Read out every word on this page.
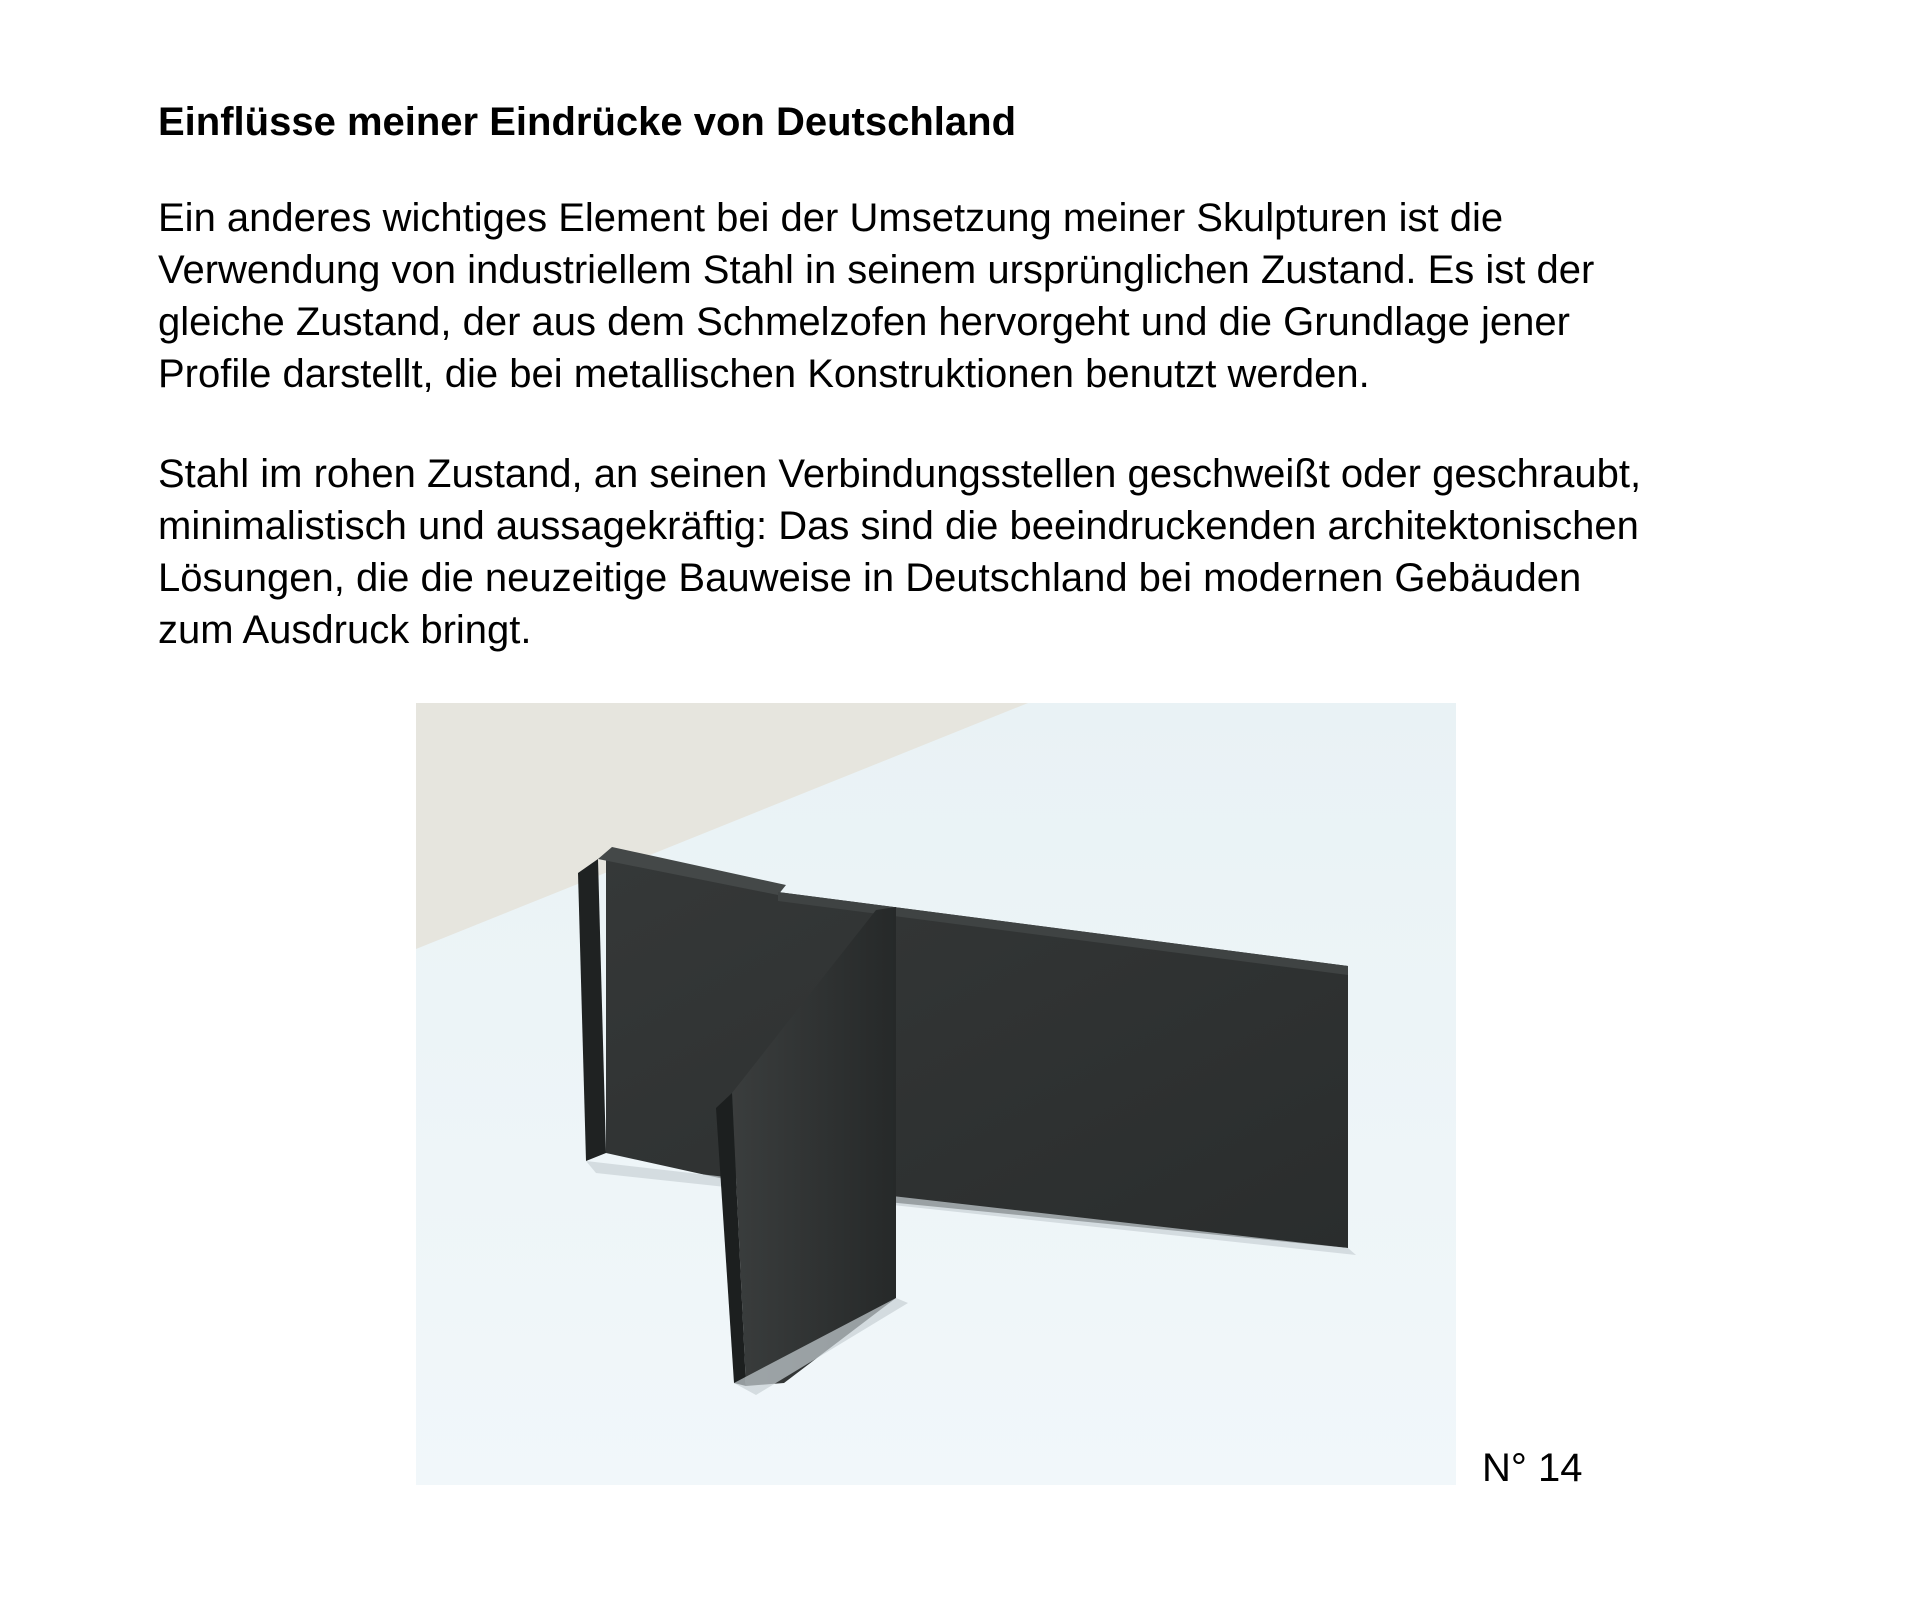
Einflüsse meiner Eindrücke von Deutschland

Ein anderes wichtiges Element bei der Umsetzung meiner Skulpturen ist die
Verwendung von industriellem Stahl in seinem ursprünglichen Zustand. Es ist der
gleiche Zustand, der aus dem Schmelzofen hervorgeht und die Grundlage jener
Profile darstellt, die bei metallischen Konstruktionen benutzt werden.

Stahl im rohen Zustand, an seinen Verbindungsstellen geschweißt oder geschraubt,
minimalistisch und aussagekräftig: Das sind die beeindruckenden architektonischen
Lösungen, die die neuzeitige Bauweise in Deutschland bei modernen Gebäuden
zum Ausdruck bringt.

N° 14
